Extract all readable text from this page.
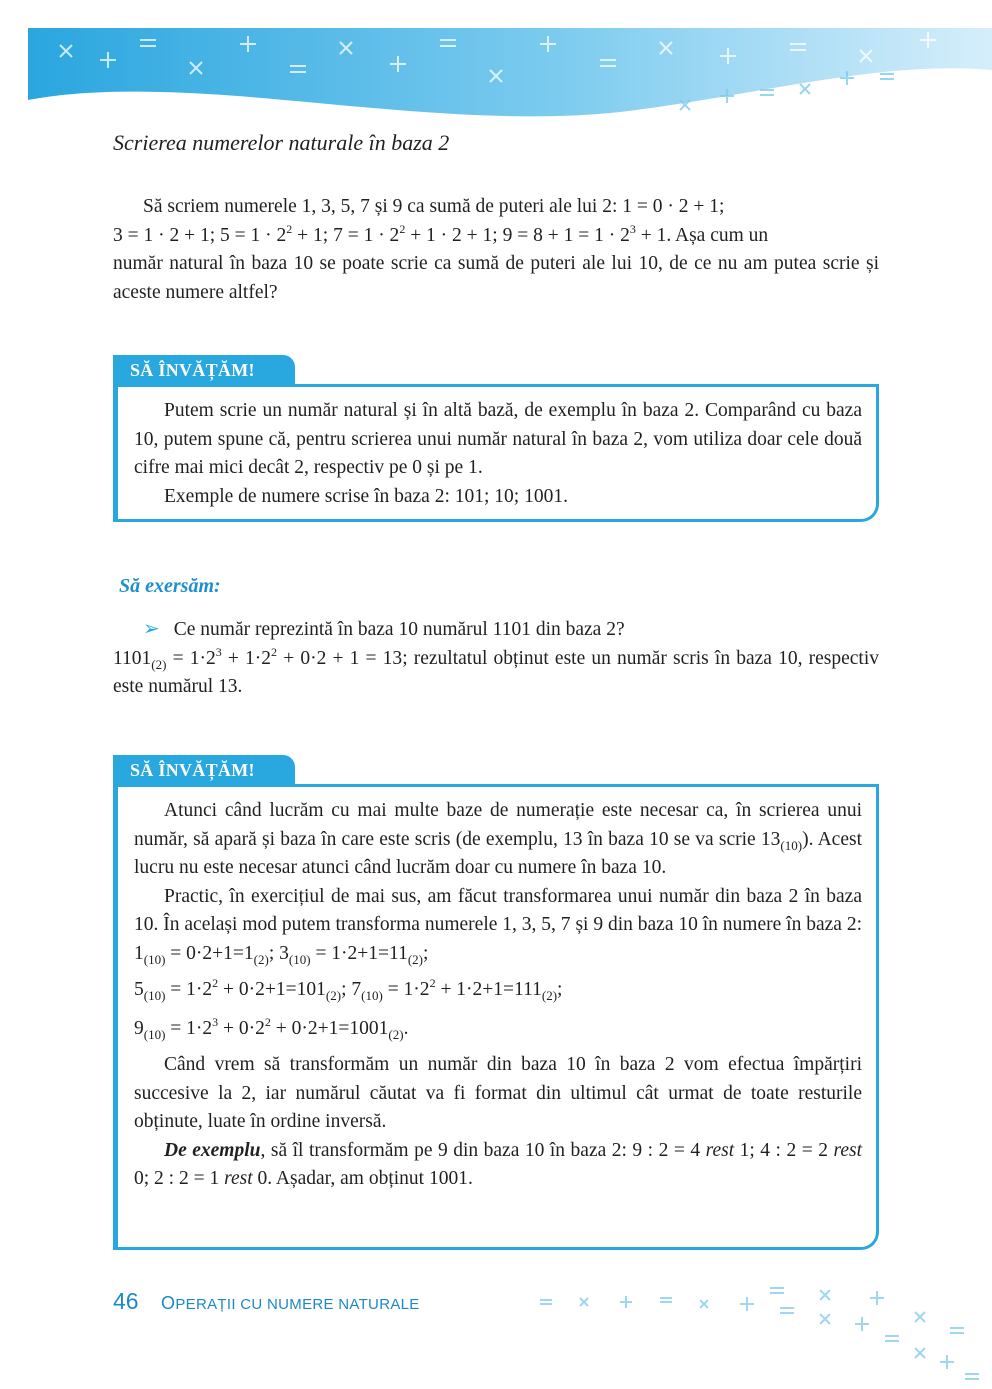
Scrierea numerelor naturale în baza 2

Să scriem numerele 1, 3, 5, 7 și 9 ca sumă de puteri ale lui 2: 1 = 0 · 2 + 1;

3 = 1 · 2 + 1; $5 = 1 \cdot 2^2 + 1$; $7 = 1 \cdot 2^2 + 1 \cdot 2 + 1$; $9 = 8 + 1 = 1 \cdot 2^3 + 1$. Așa cum un

număr natural în baza 10 se poate scrie ca sumă de puteri ale lui 10, de ce nu am putea scrie și aceste numere altfel?

SĂ ÎNVĂȚĂM!

Putem scrie un număr natural și în altă bază, de exemplu în baza 2. Comparând cu baza 10, putem spune că, pentru scrierea unui număr natural în baza 2, vom utiliza doar cele două cifre mai mici decât 2, respectiv pe 0 și pe 1.

Exemple de numere scrise în baza 2: 101; 10; 1001.

Să exersăm:

➢ Ce număr reprezintă în baza 10 numărul 1101 din baza 2?

$1101_{(2)} = 1\cdot 2^3 + 1\cdot 2^2 + 0\cdot 2 + 1 = 13$; rezultatul obținut este un număr scris în baza 10, respectiv este numărul 13.

SĂ ÎNVĂȚĂM!

Atunci când lucrăm cu mai multe baze de numerație este necesar ca, în scrierea unui număr, să apară și baza în care este scris (de exemplu, 13 în baza 10 se va scrie $13_{(10)}$). Acest lucru nu este necesar atunci când lucrăm doar cu numere în baza 10.

Practic, în exercițiul de mai sus, am făcut transformarea unui număr din baza 2 în baza 10. În același mod putem transforma numerele 1, 3, 5, 7 și 9 din baza 10 în numere în baza 2: $1_{(10)} = 0\cdot 2+1=1_{(2)}$; $3_{(10)} = 1\cdot 2+1=11_{(2)}$;

$5_{(10)} = 1\cdot 2^2 + 0\cdot 2+1=101_{(2)}$; $7_{(10)} = 1\cdot 2^2 + 1\cdot 2+1=111_{(2)}$;

$9_{(10)} = 1\cdot 2^3 + 0\cdot 2^2 + 0\cdot 2+1=1001_{(2)}$.

Când vrem să transformăm un număr din baza 10 în baza 2 vom efectua împărțiri succesive la 2, iar numărul căutat va fi format din ultimul cât urmat de toate resturile obținute, luate în ordine inversă.

De exemplu, să îl transformăm pe 9 din baza 10 în baza 2: 9 : 2 = 4 rest 1; 4 : 2 = 2 rest 0; 2 : 2 = 1 rest 0. Așadar, am obținut 1001.

46 OPERAȚII CU NUMERE NATURALE
